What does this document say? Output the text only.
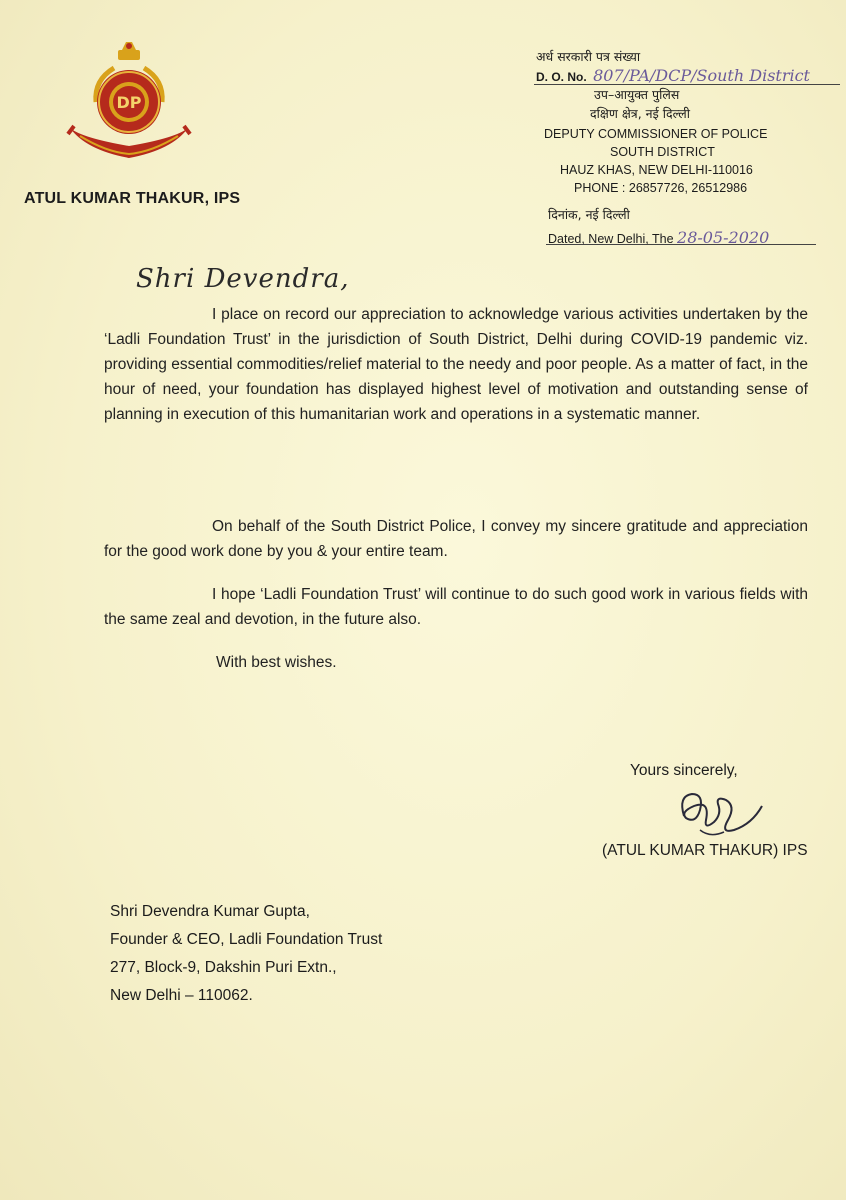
DP
ATUL KUMAR THAKUR, IPS
अर्ध सरकारी पत्र संख्या
D. O. No. 807/PA/DCP/South District
उप–आयुक्त पुलिस
दक्षिण क्षेत्र, नई दिल्ली
DEPUTY COMMISSIONER OF POLICE
SOUTH DISTRICT
HAUZ KHAS, NEW DELHI-110016
PHONE : 26857726, 26512986
दिनांक, नई दिल्ली
Dated, New Delhi, The 28-05-2020
Shri Devendra,
I place on record our appreciation to acknowledge various activities undertaken by the ‘Ladli Foundation Trust’ in the jurisdiction of South District, Delhi during COVID-19 pandemic viz. providing essential commodities/relief material to the needy and poor people. As a matter of fact, in the hour of need, your foundation has displayed highest level of motivation and outstanding sense of planning in execution of this humanitarian work and operations in a systematic manner.
On behalf of the South District Police, I convey my sincere gratitude and appreciation for the good work done by you & your entire team.
I hope ‘Ladli Foundation Trust’ will continue to do such good work in various fields with the same zeal and devotion, in the future also.
With best wishes.
Yours sincerely,
(ATUL KUMAR THAKUR) IPS
Shri Devendra Kumar Gupta,
Founder & CEO, Ladli Foundation Trust
277, Block-9, Dakshin Puri Extn.,
New Delhi – 110062.
